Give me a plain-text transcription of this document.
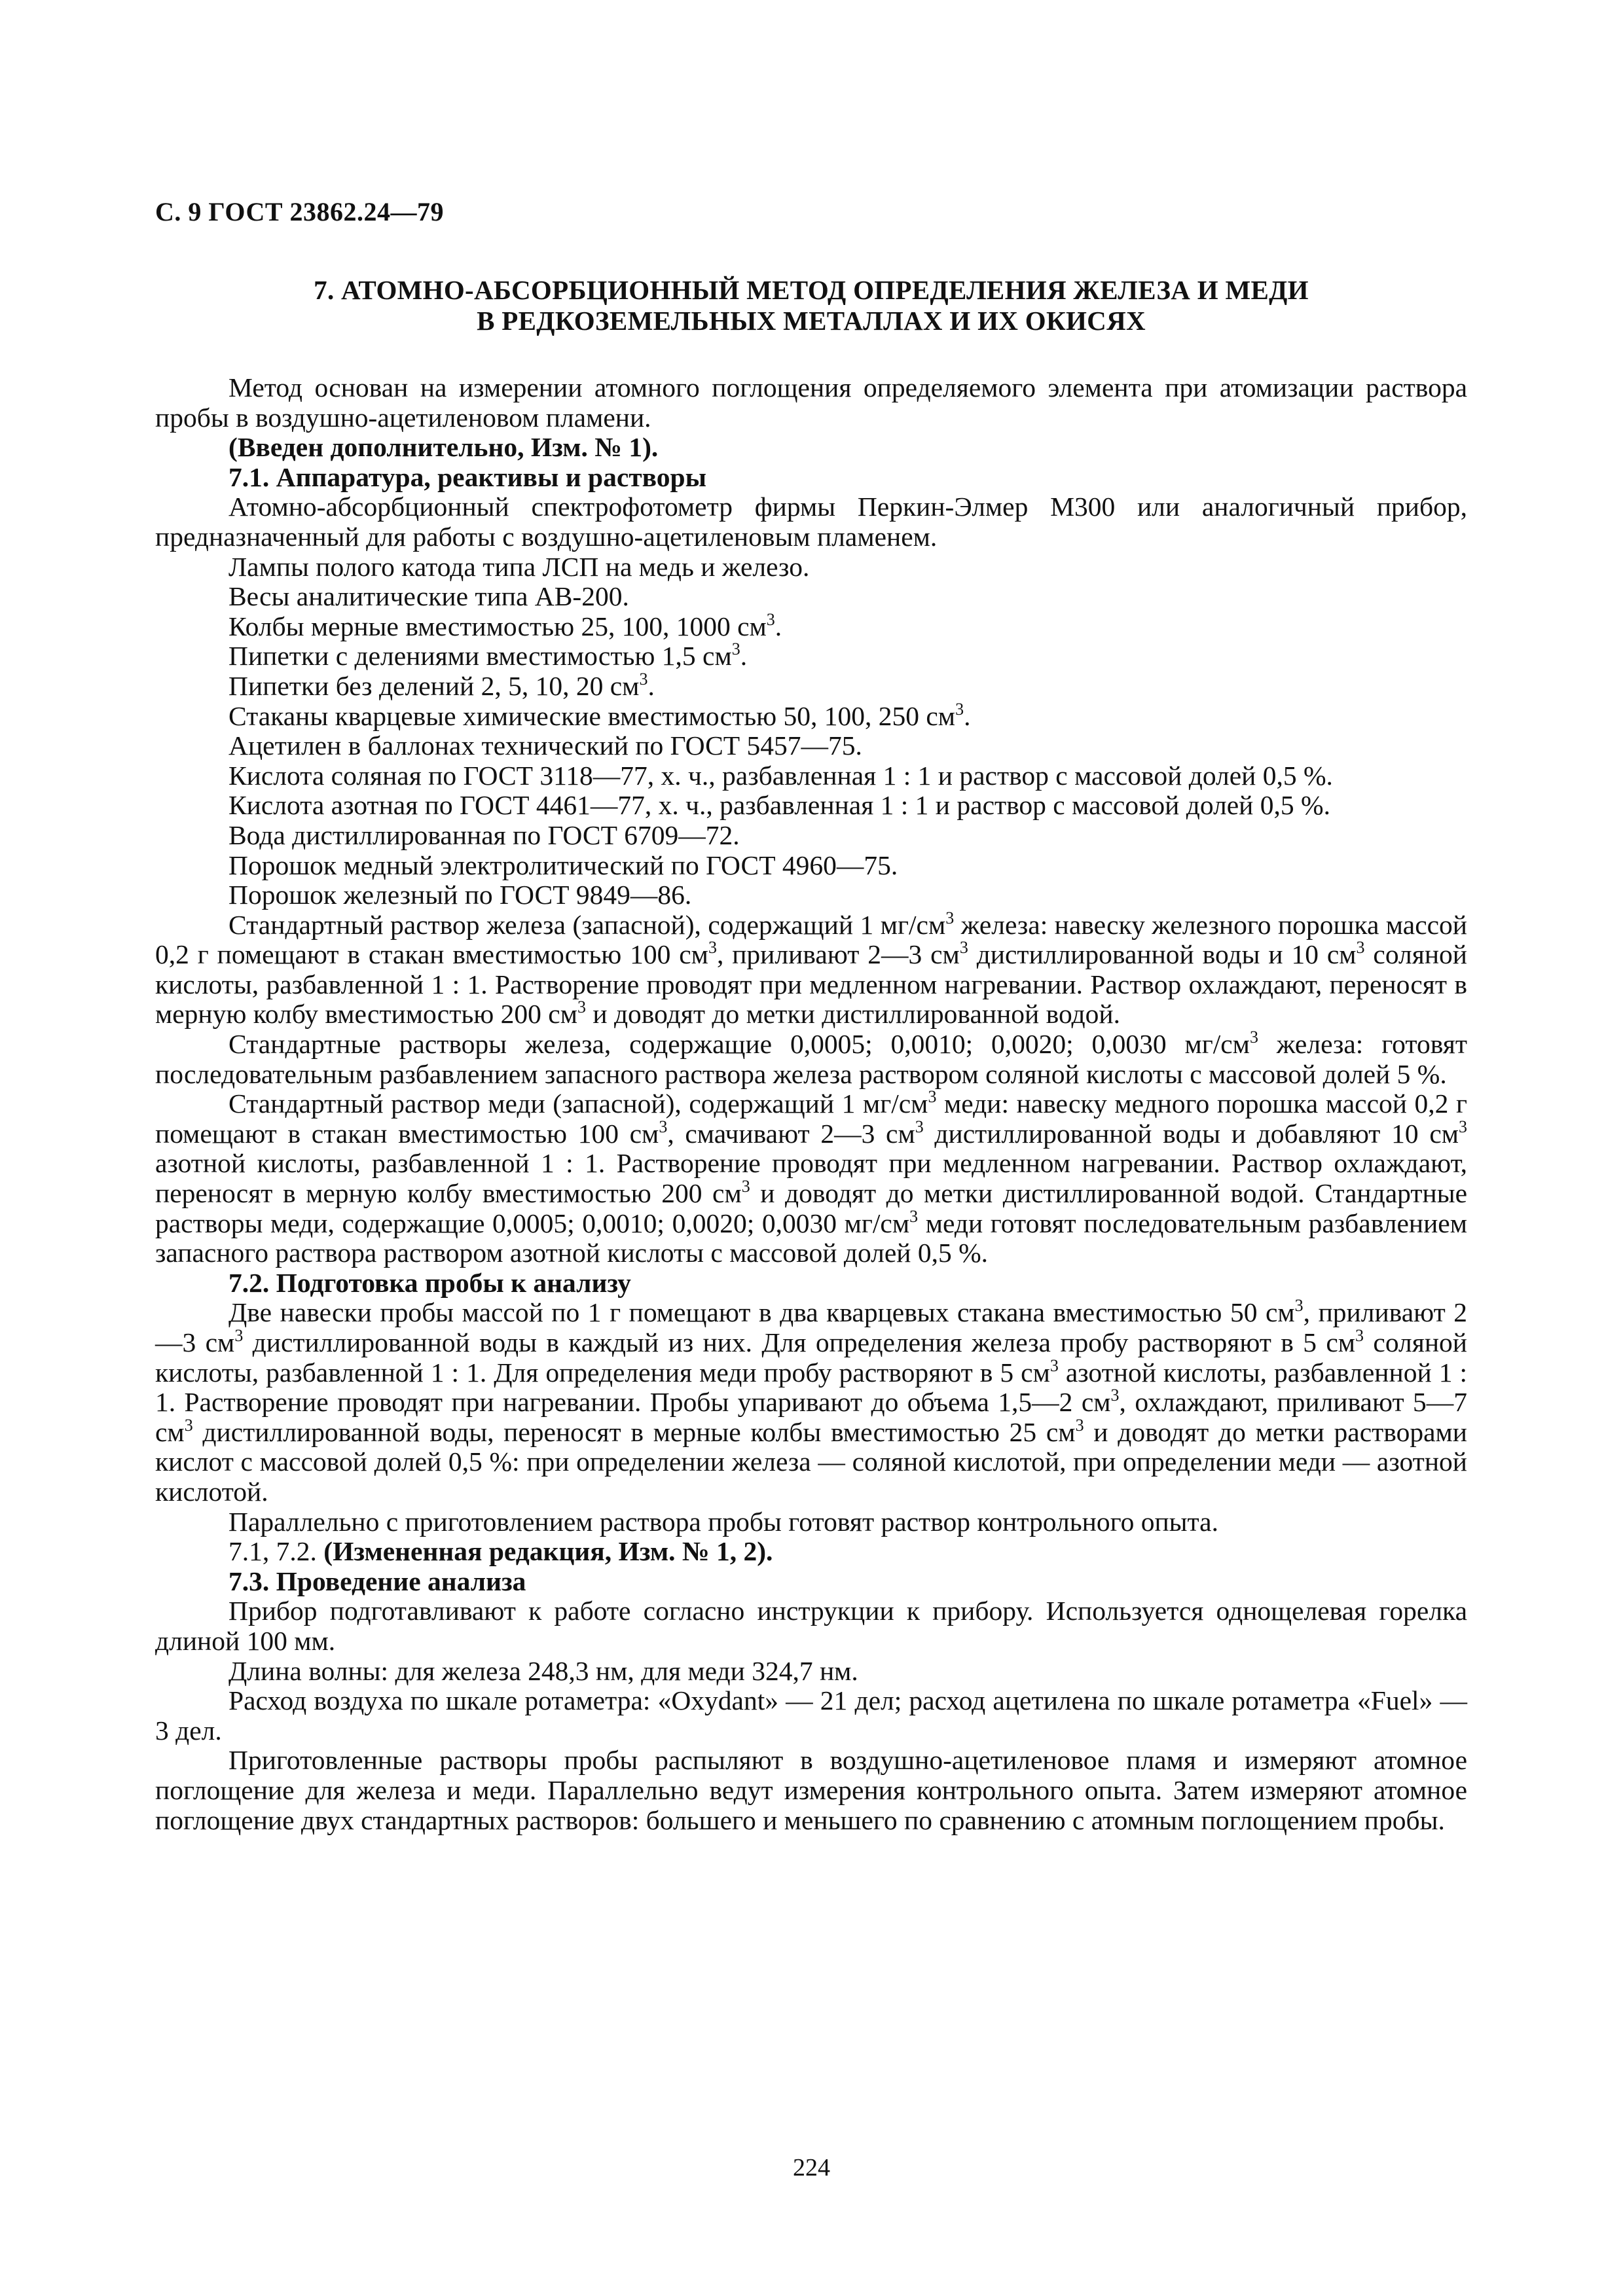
С. 9 ГОСТ 23862.24—79
7. АТОМНО-АБСОРБЦИОННЫЙ МЕТОД ОПРЕДЕЛЕНИЯ ЖЕЛЕЗА И МЕДИ
В РЕДКОЗЕМЕЛЬНЫХ МЕТАЛЛАХ И ИХ ОКИСЯХ

Метод основан на измерении атомного поглощения определяемого элемента при атомизации раствора пробы в воздушно-ацетиленовом пламени.

(Введен дополнительно, Изм. № 1).

7.1. Аппаратура, реактивы и растворы

Атомно-абсорбционный спектрофотометр фирмы Перкин-Элмер М300 или аналогичный прибор, предназначенный для работы с воздушно-ацетиленовым пламенем.

Лампы полого катода типа ЛСП на медь и железо.

Весы аналитические типа АВ-200.

Колбы мерные вместимостью 25, 100, 1000 $см^3$.

Пипетки с делениями вместимостью 1,5 $см^3$.

Пипетки без делений 2, 5, 10, 20 $см^3$.

Стаканы кварцевые химические вместимостью 50, 100, 250 $см^3$.

Ацетилен в баллонах технический по ГОСТ 5457—75.

Кислота соляная по ГОСТ 3118—77, х. ч., разбавленная 1 : 1 и раствор с массовой долей 0,5 %.

Кислота азотная по ГОСТ 4461—77, х. ч., разбавленная 1 : 1 и раствор с массовой долей 0,5 %.

Вода дистиллированная по ГОСТ 6709—72.

Порошок медный электролитический по ГОСТ 4960—75.

Порошок железный по ГОСТ 9849—86.

Стандартный раствор железа (запасной), содержащий 1 $мг/см^3$ железа: навеску железного порошка массой 0,2 г помещают в стакан вместимостью 100 $см^3$, приливают 2—3 $см^3$ дистиллированной воды и 10 $см^3$ соляной кислоты, разбавленной 1 : 1. Растворение проводят при медленном нагревании. Раствор охлаждают, переносят в мерную колбу вместимостью 200 $см^3$ и доводят до метки дистиллированной водой.

Стандартные растворы железа, содержащие 0,0005; 0,0010; 0,0020; 0,0030 $мг/см^3$ железа: готовят последовательным разбавлением запасного раствора железа раствором соляной кислоты с массовой долей 5 %.

Стандартный раствор меди (запасной), содержащий 1 $мг/см^3$ меди: навеску медного порошка массой 0,2 г помещают в стакан вместимостью 100 $см^3$, смачивают 2—3 $см^3$ дистиллированной воды и добавляют 10 $см^3$ азотной кислоты, разбавленной 1 : 1. Растворение проводят при медленном нагревании. Раствор охлаждают, переносят в мерную колбу вместимостью 200 $см^3$ и доводят до метки дистиллированной водой. Стандартные растворы меди, содержащие 0,0005; 0,0010; 0,0020; 0,0030 $мг/см^3$ меди готовят последовательным разбавлением запасного раствора раствором азотной кислоты с массовой долей 0,5 %.

7.2. Подготовка пробы к анализу

Две навески пробы массой по 1 г помещают в два кварцевых стакана вместимостью 50 $см^3$, приливают 2—3 $см^3$ дистиллированной воды в каждый из них. Для определения железа пробу растворяют в 5 $см^3$ соляной кислоты, разбавленной 1 : 1. Для определения меди пробу растворяют в 5 $см^3$ азотной кислоты, разбавленной 1 : 1. Растворение проводят при нагревании. Пробы упаривают до объема 1,5—2 $см^3$, охлаждают, приливают 5—7 $см^3$ дистиллированной воды, переносят в мерные колбы вместимостью 25 $см^3$ и доводят до метки растворами кислот с массовой долей 0,5 %: при определении железа — соляной кислотой, при определении меди — азотной кислотой.

Параллельно с приготовлением раствора пробы готовят раствор контрольного опыта.

7.1, 7.2. (Измененная редакция, Изм. № 1, 2).

7.3. Проведение анализа

Прибор подготавливают к работе согласно инструкции к прибору. Используется однощелевая горелка длиной 100 мм.

Длина волны: для железа 248,3 нм, для меди 324,7 нм.

Расход воздуха по шкале ротаметра: «Oxydant» — 21 дел; расход ацетилена по шкале ротаметра «Fuel» — 3 дел.

Приготовленные растворы пробы распыляют в воздушно-ацетиленовое пламя и измеряют атомное поглощение для железа и меди. Параллельно ведут измерения контрольного опыта. Затем измеряют атомное поглощение двух стандартных растворов: большего и меньшего по сравнению с атомным поглощением пробы.

224
